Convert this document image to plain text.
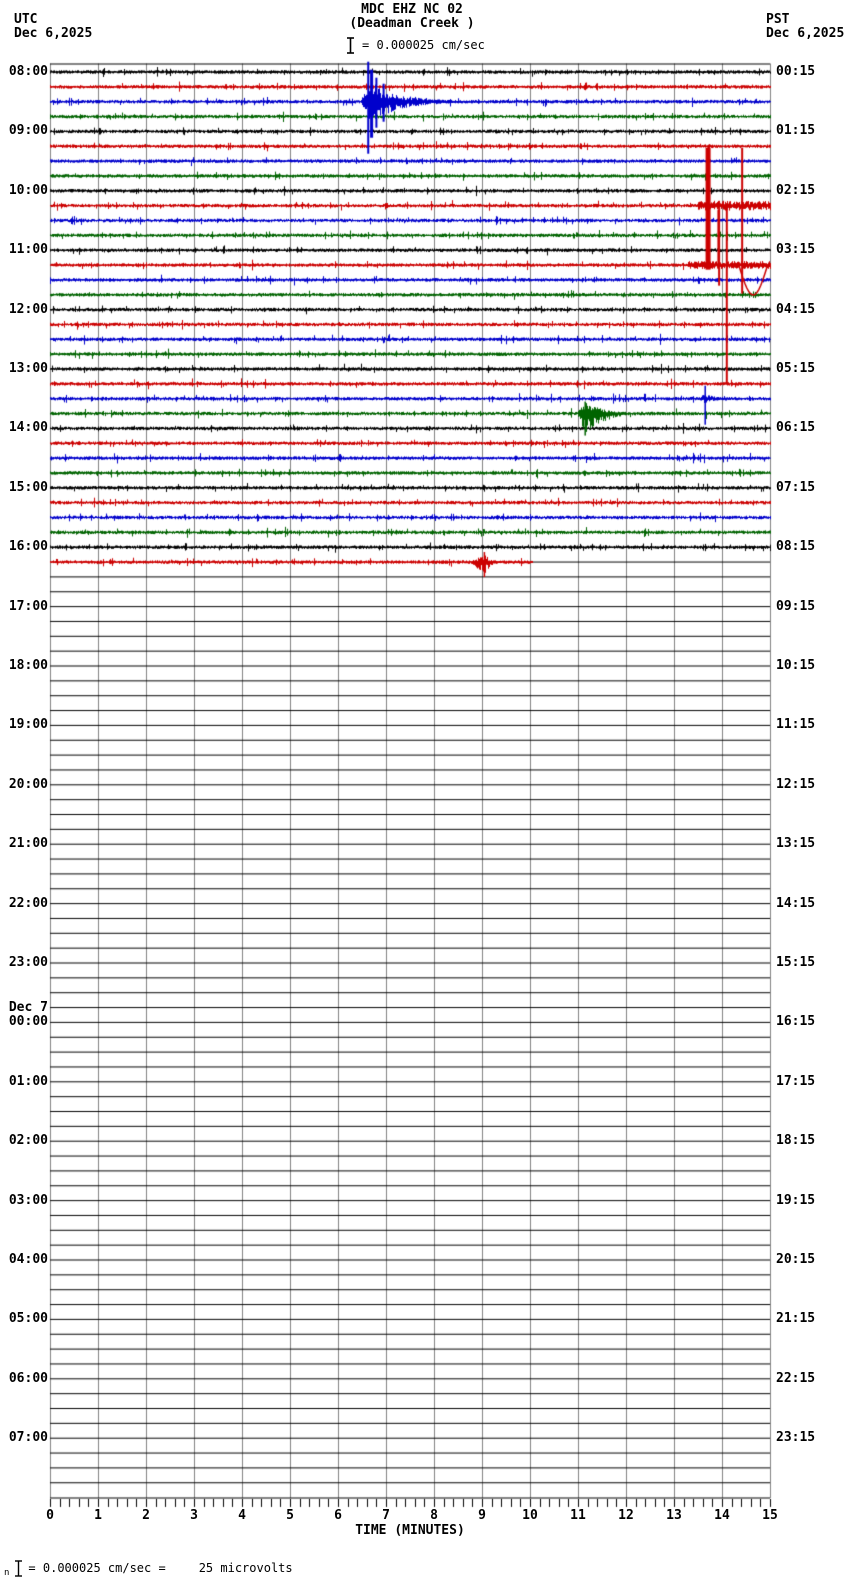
UTC
Dec 6,2025
PST
Dec 6,2025
MDC EHZ NC 02
(Deadman Creek )
= 0.000025 cm/sec
08:00
09:00
10:00
11:00
12:00
13:00
14:00
15:00
16:00
17:00
18:00
19:00
20:00
21:00
22:00
23:00
00:00
Dec 7
01:00
02:00
03:00
04:00
05:00
06:00
07:00
00:15
01:15
02:15
03:15
04:15
05:15
06:15
07:15
08:15
09:15
10:15
11:15
12:15
13:15
14:15
15:15
16:15
17:15
18:15
19:15
20:15
21:15
22:15
23:15
0	1	2	3	4	5	6	7	8	9	10	11	12	13	14	15
TIME (MINUTES)
n = 0.000025 cm/sec =	25 microvolts
